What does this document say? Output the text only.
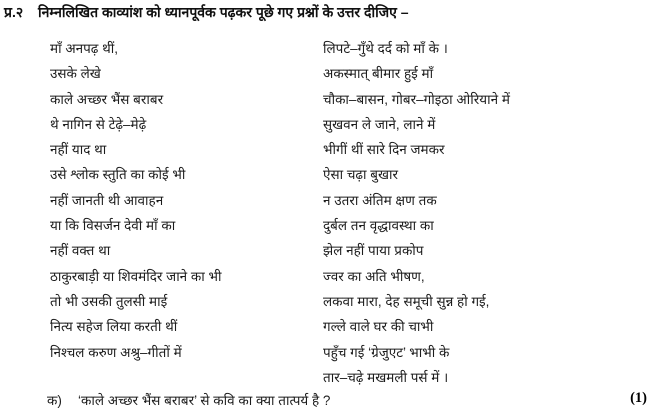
प्र.२	निम्नलिखित काव्यांश को ध्यानपूर्वक पढ़कर पूछे गए प्रश्नों के उत्तर दीजिए –
माँ अनपढ़ थीं,
उसके लेखे
काले अच्छर भैंस बराबर
थे नागिन से टेढ़े–मेढ़े
नहीं याद था
उसे श्लोक स्तुति का कोई भी
नहीं जानती थी आवाहन
या कि विसर्जन देवी माँ का
नहीं वक्त था
ठाकुरबाड़ी या शिवमंदिर जाने का भी
तो भी उसकी तुलसी माई
नित्य सहेज लिया करती थीं
निश्चल करुण अश्रु–गीतों में
लिपटे–गुँथे दर्द को माँ के ।
अकस्मात् बीमार हुई माँ
चौका–बासन, गोबर–गोइठा ओरियाने में
सुखवन ले जाने, लाने में
भीगीं थीं सारे दिन जमकर
ऐसा चढ़ा बुखार
न उतरा अंतिम क्षण तक
दुर्बल तन वृद्धावस्था का
झेल नहीं पाया प्रकोप
ज्वर का अति भीषण,
लकवा मारा, देह समूची सुन्न हो गई,
गल्ले वाले घर की चाभी
पहुँच गई ‘ग्रेजुएट’ भाभी के
तार–चढ़े मखमली पर्स में ।
क) ‘काले अच्छर भैंस बराबर’ से कवि का क्या तात्पर्य है ?	(1)
